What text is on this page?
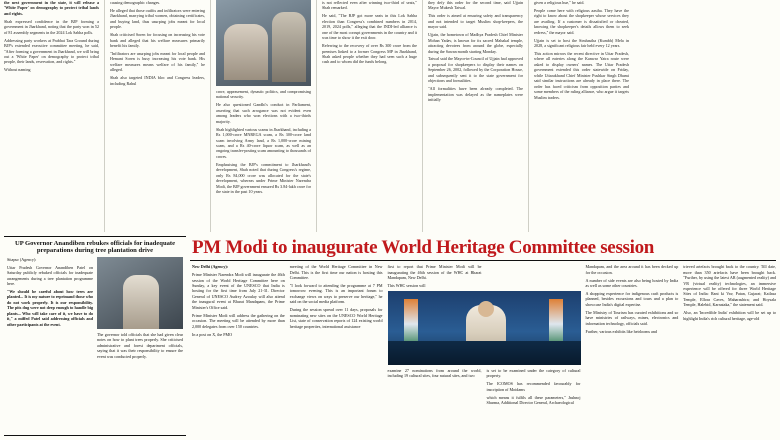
the next government in the state, it will release a 'White Paper' on demography to protect tribal lands and rights.

Shah expressed confidence in the BJP forming a government in Jharkhand, noting that the party won in 52 of 81 assembly segments in the 2024 Lok Sabha polls.

Addressing party workers at Prabhat Tara Ground during BJP's extended executive committee meeting, he said, "After forming a government in Jharkhand, we will bring out a 'White Paper' on demography to protect tribal people, their lands, reservation, and rights."

Without naming

causing demographic changes.

He alleged that those outfits and infiltrators were entering Jharkhand, marrying tribal women, obtaining certificates, and buying land, thus usurping jobs meant for local people.

Shah criticised Soren for focusing on increasing his vote bank and alleged that his welfare measures primarily benefit his family.

"Infiltrators are usurping jobs meant for local people and Hemant Soren is busy increasing his vote bank. His welfare measures means welfare of his family," he alleged.

Shah also targeted INDIA bloc and Congress leaders, including Rahul

crore, appeasement, dynastic politics, and compromising national security.

He also questioned Gandhi's conduct in Parliament, asserting that such arrogance was not evident even among leaders who won elections with a two-thirds majority.

Shah highlighted various scams in Jharkhand, including a Rs 1,000-crore MNREGA scam, a Rs 300-crore land scam involving Army land, a Rs 1,000-crore mining scam, and a Rs 40-crore liquor scam, as well as an ongoing transfer-posting scam amounting to thousands of crores.

Emphasising the BJP's commitment to Jharkhand's development, Shah noted that during Congress's regime, only Rs 84,000 crore was allocated for the state's development, whereas under Prime Minister Narendra Modi, the BJP government ensured Rs 3.84-lakh crore for the state in the past 10 years.

is not reflected even after winning two-third of seats," Shah remarked.

He said, "The BJP got more seats in this Lok Sabha election than Congress's combined numbers in 2014, 2019, 2024 polls," alleging that the INDI-led alliance is one of the most corrupt governments in the country and it was time to show it the exit door.

Referring to the recovery of over Rs 300 crore from the premises linked to a former Congress MP in Jharkhand, Shah asked people whether they had seen such a huge cash and to whom did the funds belong.

they defy this order for the second time, said Ujjain Mayor Mukesh Tatwal.

This order is aimed at ensuring safety and transparency and not intended to target Muslim shop-keepers, the mayor said.

Ujjain, the hometown of Madhya Pradesh Chief Minister Mohan Yadav, is known for its sacred Mahakal temple, attracting devotees from around the globe, especially during the Sawan month starting Monday.

Tatwal said the Mayor-in-Council of Ujjain had approved a proposal for shopkeepers to display their names on September 26, 2002, followed by the Corporation House, and subsequently sent it to the state government for objections and formalities.

"All formalities have been already completed. The implementation was delayed as the nameplates were initially

given a religious hue," he said.

People come here with religious aastha. They have the right to know about the shopkeeper whose services they are availing. If a customer is dissatisfied or cheated, knowing the shopkeeper's details allows them to seek redress," the mayor said.

Ujjain is set to host the Simhastha (Kumbh) Mela in 2028, a significant religious fair held every 12 years.

This action mirrors the recent directive in Uttar Pradesh, where all eateries along the Kanwar Yatra route were asked to display owners' names. The Uttar Pradesh government extended this order statewide on Friday, while Uttarakhand Chief Minister Pushkar Singh Dhami said similar instructions are already in place there. The order has faced criticism from opposition parties and some members of the ruling alliance, who argue it targets Muslim traders.

UP Governor Anandiben rebukes officials for inadequate preparations during tree plantation drive

Sitapur (Agency):

Uttar Pradesh Governor Anandiben Patel on Saturday publicly rebuked officials for inadequate arrangements during a tree plantation programme here.

"We should be careful about how trees are planted... It is my nature to reprimand those who do not work properly. It is our responsibility. The pits dug were not deep enough to handle big plants... Who will take care of it, we have to do it," a miffed Patel said addressing officials and other participants at the event.

The governor told officials that she had given clear notes on how to plant trees properly. She criticised administrative and forest department officials, saying that it was their responsibility to ensure the event was conducted properly.

PM Modi to inaugurate World Heritage Committee session

New Delhi (Agency):

Prime Minister Narendra Modi will inaugurate the 46th session of the World Heritage Committee here on Sunday, a key event of the UNESCO that India is hosting for the first time from July 21-31. Director General of UNESCO Audrey Azoulay will also attend the inaugural event at Bharat Mandapam, the Prime Minister's Office said.

Prime Minister Modi will address the gathering on the occasion. The meeting will be attended by more than 2,000 delegates from over 150 countries.

In a post on X, the PMO

meeting of the World Heritage Committee in New Delhi. This is the first time our nation is hosting this Committee.

"I look forward to attending the programme at 7 PM tomorrow evening. This is an important forum to exchange views on ways to preserve our heritage," he said on the social media platform.

During the session spread over 11 days, proposals for nominating new sites on the UNESCO World Heritage List, state of conservation reports of 124 existing world heritage properties, international assistance

first to report that Prime Minister Modi will be inaugurating the 46th session of the WHC at Bharat Mandapam, New Delhi.

This WHC session will

examine 27 nominations from around the world, including 19 cultural sites, four natural sites, and two

is set to be examined under the category of cultural property.

The ICOMOS has recommended favourably for inscription of Moidams

which means it fulfils all these parameters," Jashnoj Sharma, Additional Director General, Archaeological

Mandapam, and the area around it has been decked up for the occasion.

A number of side events are also being hosted by India as well as some other countries.

A shopping experience for indigenous craft products is planned, besides excursions and tours and a plan to showcase India's digital expertise.

The Ministry of Tourism has curated exhibitions and so have ministries of railways, mines, electronics and information technology, officials said.

Further, various exhibits like heirlooms and

trieved artefacts brought back to the country. Till date, more than 350 artefacts have been brought back. "Further, by using the latest AR (augmented reality) and VR (virtual reality) technologies, an immersive experience will be offered for three World Heritage Sites of India: Rani ki Vav, Patan, Gujarat; Kailasa Temple, Ellora Caves, Maharashtra; and Hoysala Temple, Halebid, Karnataka," the statement said.

Also, an 'Incredible India' exhibition will be set up to highlight India's rich cultural heritage, age-old
